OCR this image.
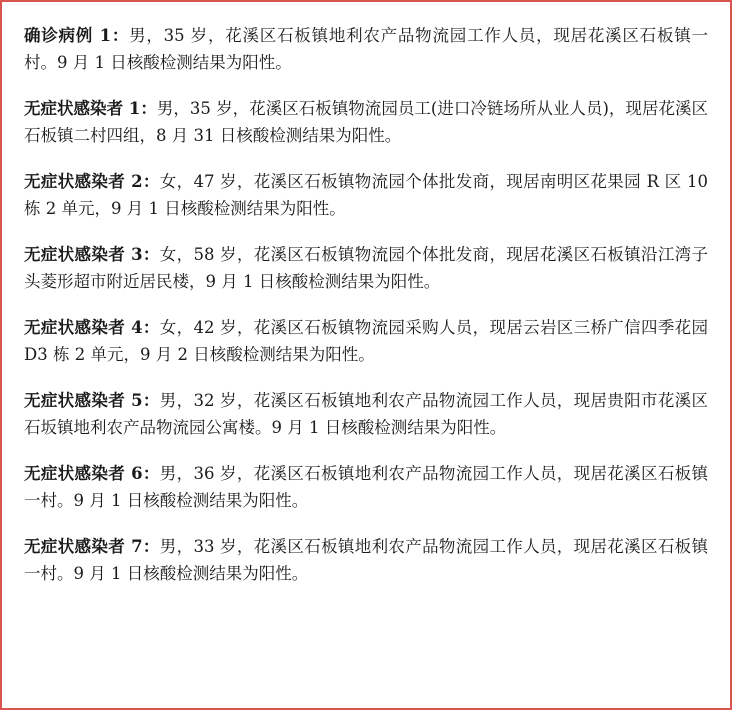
确诊病例 1：男，35 岁，花溪区石板镇地利农产品物流园工作人员，现居花溪区石板镇一村。9 月 1 日核酸检测结果为阳性。

无症状感染者 1：男，35 岁，花溪区石板镇物流园员工(进口冷链场所从业人员)，现居花溪区石板镇二村四组，8 月 31 日核酸检测结果为阳性。

无症状感染者 2：女，47 岁，花溪区石板镇物流园个体批发商，现居南明区花果园 R 区 10 栋 2 单元，9 月 1 日核酸检测结果为阳性。

无症状感染者 3：女，58 岁，花溪区石板镇物流园个体批发商，现居花溪区石板镇沿江湾子头菱形超市附近居民楼，9 月 1 日核酸检测结果为阳性。

无症状感染者 4：女，42 岁，花溪区石板镇物流园采购人员，现居云岩区三桥广信四季花园 D3 栋 2 单元，9 月 2 日核酸检测结果为阳性。

无症状感染者 5：男，32 岁，花溪区石板镇地利农产品物流园工作人员，现居贵阳市花溪区石坂镇地利农产品物流园公寓楼。9 月 1 日核酸检测结果为阳性。

无症状感染者 6：男，36 岁，花溪区石板镇地利农产品物流园工作人员，现居花溪区石板镇一村。9 月 1 日核酸检测结果为阳性。

无症状感染者 7：男，33 岁，花溪区石板镇地利农产品物流园工作人员，现居花溪区石板镇一村。9 月 1 日核酸检测结果为阳性。
